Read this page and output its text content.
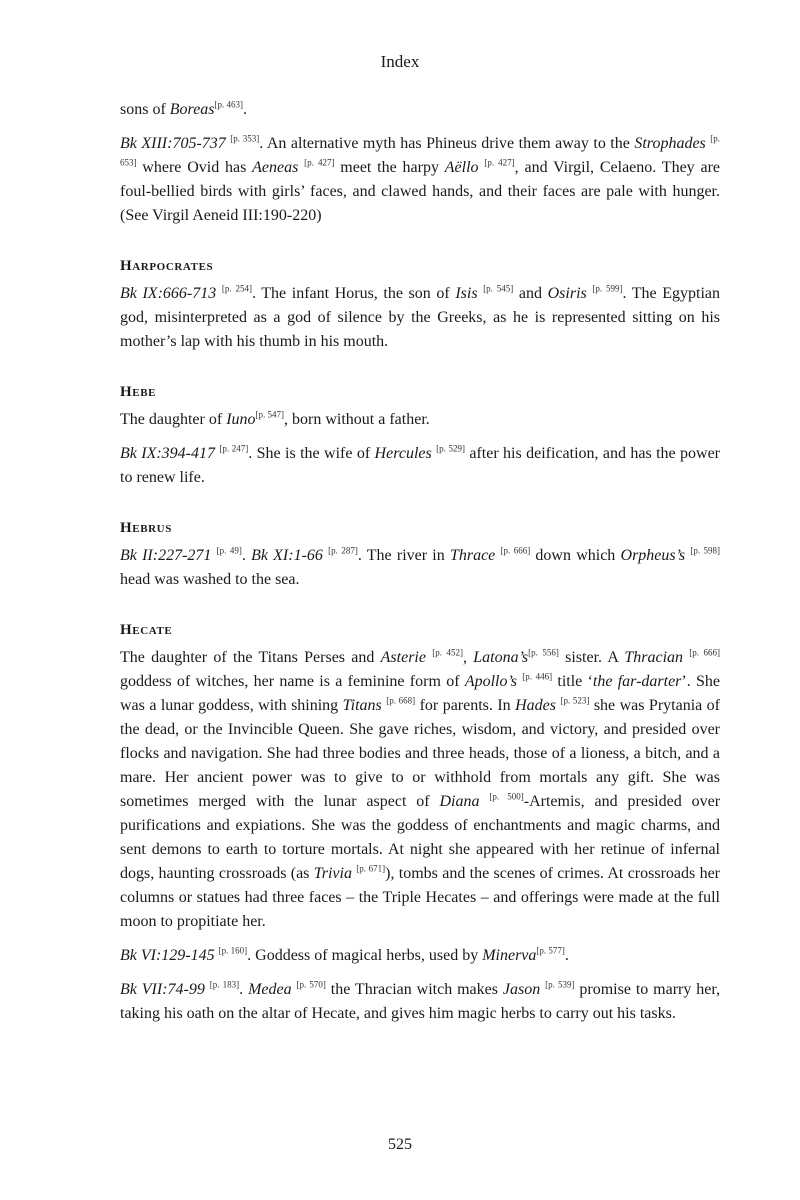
Index

sons of Boreas[p. 463].

Bk XIII:705-737 [p. 353]. An alternative myth has Phineus drive them away to the Strophades [p. 653] where Ovid has Aeneas [p. 427] meet the harpy Aëllo [p. 427], and Virgil, Celaeno. They are foul-bellied birds with girls’ faces, and clawed hands, and their faces are pale with hunger. (See Virgil Aeneid III:190-220)

Harpocrates

Bk IX:666-713 [p. 254]. The infant Horus, the son of Isis [p. 545] and Osiris [p. 599]. The Egyptian god, misinterpreted as a god of silence by the Greeks, as he is represented sitting on his mother’s lap with his thumb in his mouth.

Hebe

The daughter of Iuno[p. 547], born without a father.

Bk IX:394-417 [p. 247]. She is the wife of Hercules [p. 529] after his deification, and has the power to renew life.

Hebrus

Bk II:227-271 [p. 49]. Bk XI:1-66 [p. 287]. The river in Thrace [p. 666] down which Orpheus’s [p. 598] head was washed to the sea.

Hecate

The daughter of the Titans Perses and Asterie [p. 452], Latona’s[p. 556] sister. A Thracian [p. 666] goddess of witches, her name is a feminine form of Apollo’s [p. 446] title ‘the far-darter’. She was a lunar goddess, with shining Titans [p. 668] for parents. In Hades [p. 523] she was Prytania of the dead, or the Invincible Queen. She gave riches, wisdom, and victory, and presided over flocks and navigation. She had three bodies and three heads, those of a lioness, a bitch, and a mare. Her ancient power was to give to or withhold from mortals any gift. She was sometimes merged with the lunar aspect of Diana [p. 500]-Artemis, and presided over purifications and expiations. She was the goddess of enchantments and magic charms, and sent demons to earth to torture mortals. At night she appeared with her retinue of infernal dogs, haunting crossroads (as Trivia [p. 671]), tombs and the scenes of crimes. At crossroads her columns or statues had three faces – the Triple Hecates – and offerings were made at the full moon to propitiate her.

Bk VI:129-145 [p. 160]. Goddess of magical herbs, used by Minerva[p. 577].

Bk VII:74-99 [p. 183]. Medea [p. 570] the Thracian witch makes Jason [p. 539] promise to marry her, taking his oath on the altar of Hecate, and gives him magic herbs to carry out his tasks.

525
